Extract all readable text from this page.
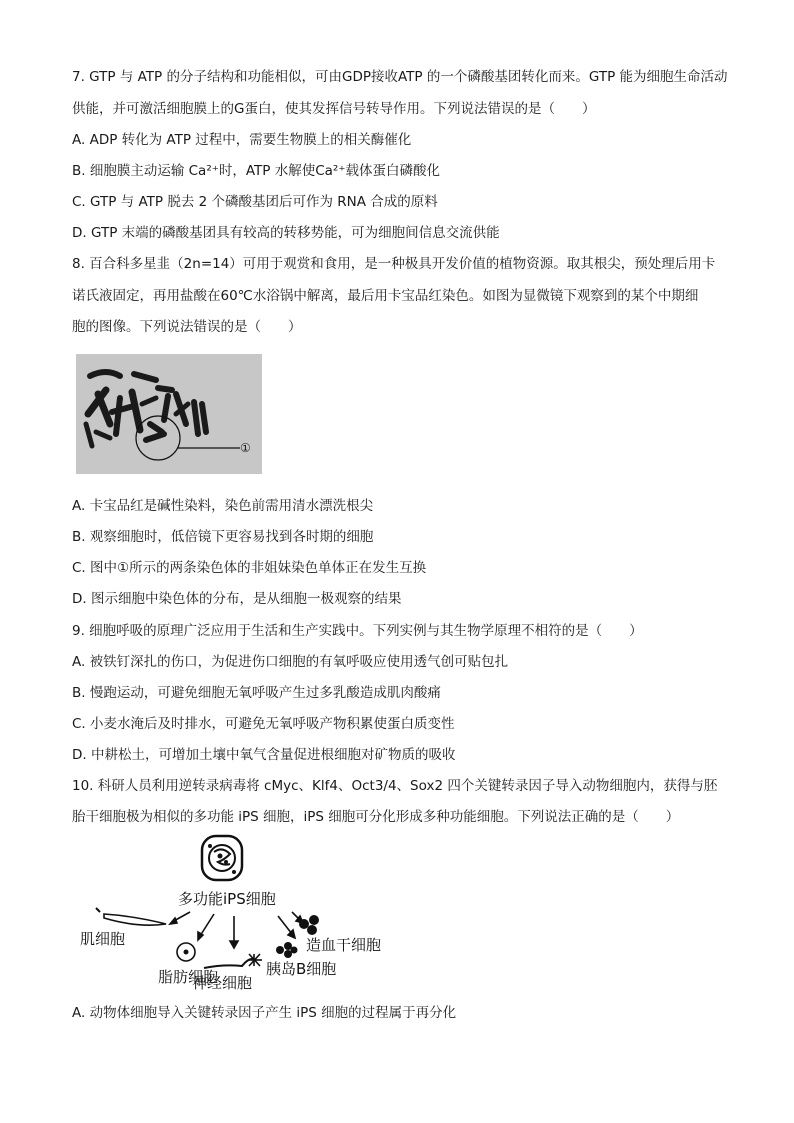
7. GTP 与 ATP 的分子结构和功能相似，可由GDP接收ATP 的一个磷酸基团转化而来。GTP 能为细胞生命活动
供能，并可激活细胞膜上的G蛋白，使其发挥信号转导作用。下列说法错误的是（　　）
A. ADP 转化为 ATP 过程中，需要生物膜上的相关酶催化
B. 细胞膜主动运输 Ca²⁺时，ATP 水解使Ca²⁺载体蛋白磷酸化
C. GTP 与 ATP 脱去 2 个磷酸基团后可作为 RNA 合成的原料
D. GTP 末端的磷酸基团具有较高的转移势能，可为细胞间信息交流供能
8. 百合科多星韭（2n=14）可用于观赏和食用，是一种极具开发价值的植物资源。取其根尖，预处理后用卡
诺氏液固定，再用盐酸在60℃水浴锅中解离，最后用卡宝品红染色。如图为显微镜下观察到的某个中期细
胞的图像。下列说法错误的是（　　）
①
A. 卡宝品红是碱性染料，染色前需用清水漂洗根尖
B. 观察细胞时，低倍镜下更容易找到各时期的细胞
C. 图中①所示的两条染色体的非姐妹染色单体正在发生互换
D. 图示细胞中染色体的分布，是从细胞一极观察的结果
9. 细胞呼吸的原理广泛应用于生活和生产实践中。下列实例与其生物学原理不相符的是（　　）
A. 被铁钉深扎的伤口，为促进伤口细胞的有氧呼吸应使用透气创可贴包扎
B. 慢跑运动，可避免细胞无氧呼吸产生过多乳酸造成肌肉酸痛
C. 小麦水淹后及时排水，可避免无氧呼吸产物积累使蛋白质变性
D. 中耕松土，可增加土壤中氧气含量促进根细胞对矿物质的吸收
10. 科研人员利用逆转录病毒将 cMyc、Klf4、Oct3/4、Sox2 四个关键转录因子导入动物细胞内，获得与胚
胎干细胞极为相似的多功能 iPS 细胞，iPS 细胞可分化形成多种功能细胞。下列说法正确的是（　　）
多功能iPS细胞
肌细胞
脂肪细胞
神经细胞
胰岛B细胞
造血干细胞
A. 动物体细胞导入关键转录因子产生 iPS 细胞的过程属于再分化
